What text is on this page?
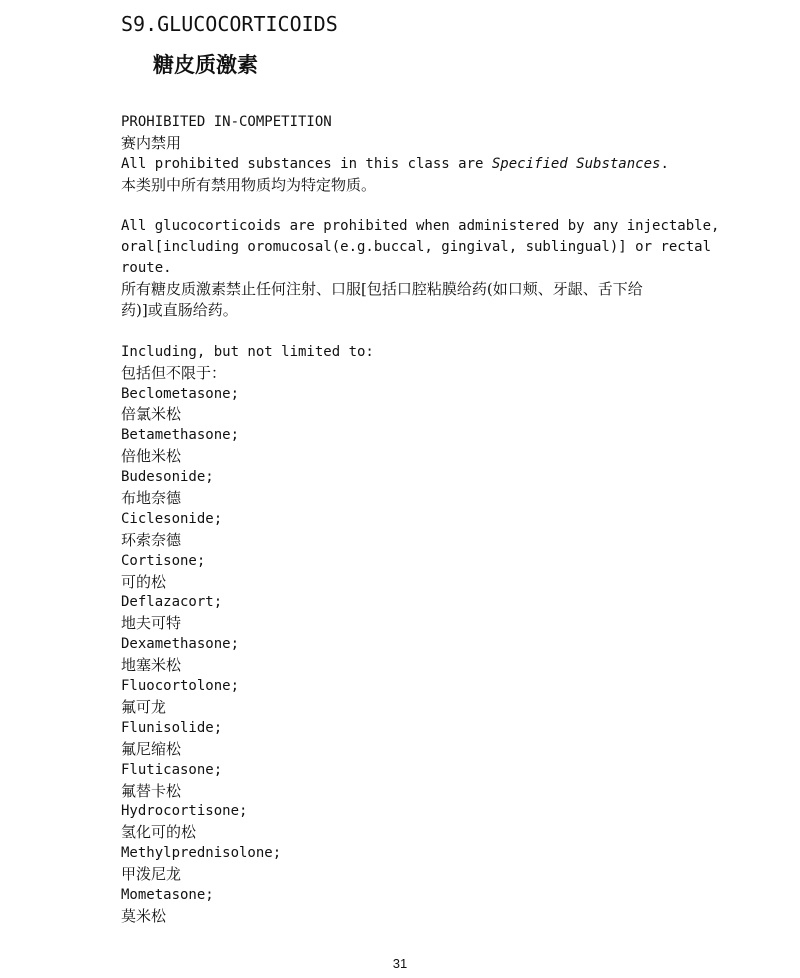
S9.GLUCOCORTICOIDS
糖皮质激素
PROHIBITED IN-COMPETITION
赛内禁用
All prohibited substances in this class are Specified Substances.
本类别中所有禁用物质均为特定物质。
All glucocorticoids are prohibited when administered by any injectable,
oral[including oromucosal(e.g.buccal, gingival, sublingual)] or rectal
route.
所有糖皮质激素禁止任何注射、口服[包括口腔粘膜给药(如口颊、牙龈、舌下给
药)]或直肠给药。
Including, but not limited to:
包括但不限于：
Beclometasone;
倍氯米松
Betamethasone;
倍他米松
Budesonide;
布地奈德
Ciclesonide;
环索奈德
Cortisone;
可的松
Deflazacort;
地夫可特
Dexamethasone;
地塞米松
Fluocortolone;
氟可龙
Flunisolide;
氟尼缩松
Fluticasone;
氟替卡松
Hydrocortisone;
氢化可的松
Methylprednisolone;
甲泼尼龙
Mometasone;
莫米松
31
